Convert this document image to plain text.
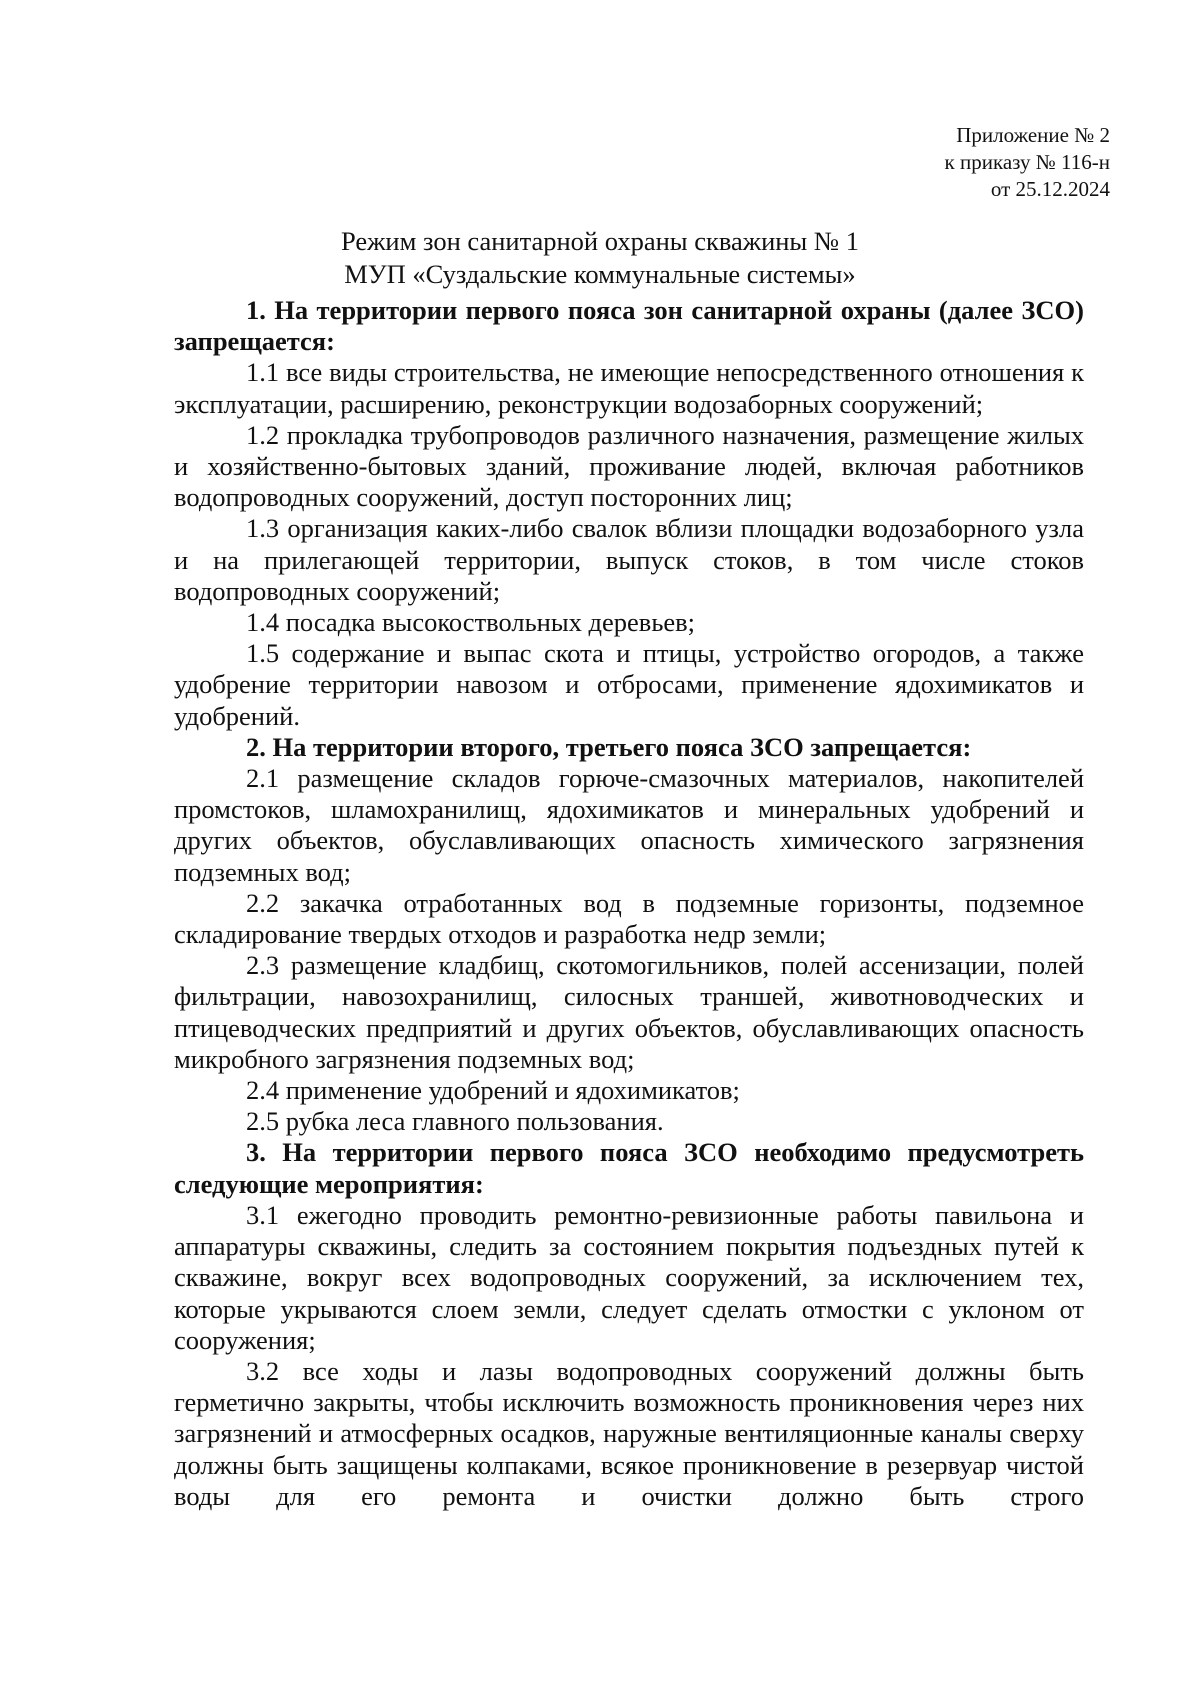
Приложение № 2
к приказу № 116-н
от 25.12.2024
Режим зон санитарной охраны скважины № 1
МУП «Суздальские коммунальные системы»

1. На территории первого пояса зон санитарной охраны (далее ЗСО) запрещается:

1.1 все виды строительства, не имеющие непосредственного отношения к эксплуатации, расширению, реконструкции водозаборных сооружений;

1.2 прокладка трубопроводов различного назначения, размещение жилых и хозяйственно-бытовых зданий, проживание людей, включая работников водопроводных сооружений, доступ посторонних лиц;

1.3 организация каких-либо свалок вблизи площадки водозаборного узла и на прилегающей территории, выпуск стоков, в том числе стоков водопроводных сооружений;

1.4 посадка высокоствольных деревьев;

1.5 содержание и выпас скота и птицы, устройство огородов, а также удобрение территории навозом и отбросами, применение ядохимикатов и удобрений.

2. На территории второго, третьего пояса ЗСО запрещается:

2.1 размещение складов горюче-смазочных материалов, накопителей промстоков, шламохранилищ, ядохимикатов и минеральных удобрений и других объектов, обуславливающих опасность химического загрязнения подземных вод;

2.2 закачка отработанных вод в подземные горизонты, подземное складирование твердых отходов и разработка недр земли;

2.3 размещение кладбищ, скотомогильников, полей ассенизации, полей фильтрации, навозохранилищ, силосных траншей, животноводческих и птицеводческих предприятий и других объектов, обуславливающих опасность микробного загрязнения подземных вод;

2.4 применение удобрений и ядохимикатов;

2.5 рубка леса главного пользования.

3. На территории первого пояса ЗСО необходимо предусмотреть следующие мероприятия:

3.1 ежегодно проводить ремонтно-ревизионные работы павильона и аппаратуры скважины, следить за состоянием покрытия подъездных путей к скважине, вокруг всех водопроводных сооружений, за исключением тех, которые укрываются слоем земли, следует сделать отмостки с уклоном от сооружения;

3.2 все ходы и лазы водопроводных сооружений должны быть герметично закрыты, чтобы исключить возможность проникновения через них загрязнений и атмосферных осадков, наружные вентиляционные каналы сверху должны быть защищены колпаками, всякое проникновение в резервуар чистой воды для его ремонта и очистки должно быть строго
